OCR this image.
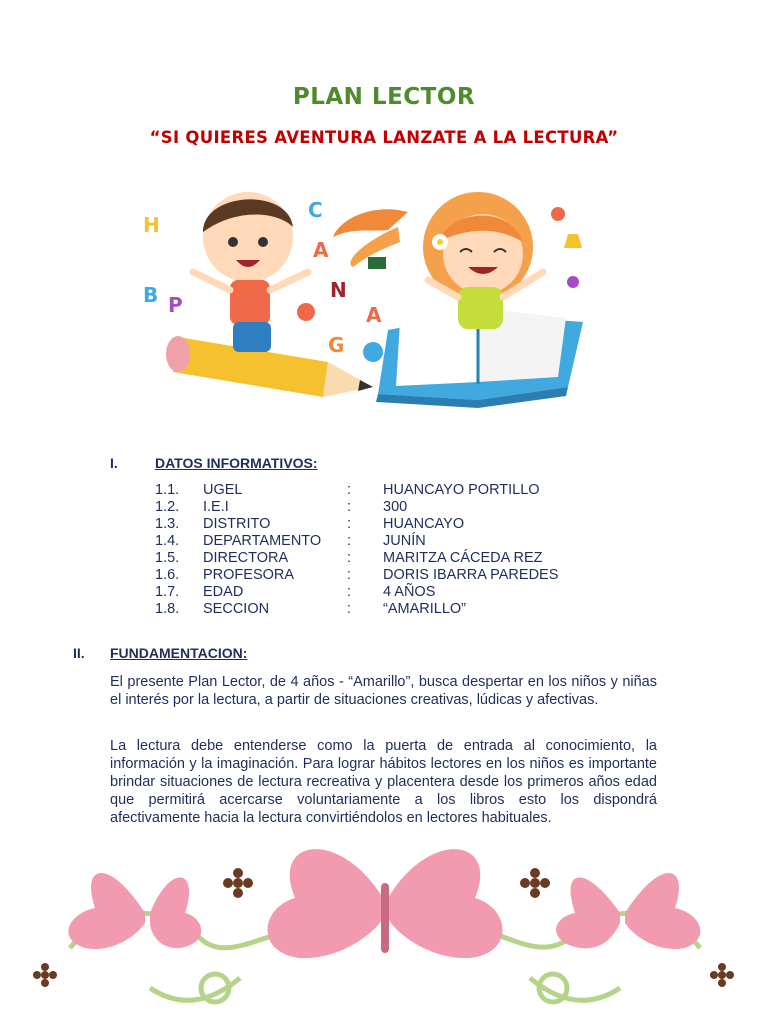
PLAN LECTOR
“SI QUIERES AVENTURA LANZATE A LA LECTURA”
H
B P
C
A
N
G
A
I.	DATOS INFORMATIVOS:
1.1. UGEL	: HUANCAYO PORTILLO
1.2. I.E.I	: 300
1.3. DISTRITO	: HUANCAYO
1.4. DEPARTAMENTO : JUNÍN
1.5. DIRECTORA	: MARITZA CÁCEDA REZ
1.6. PROFESORA	: DORIS IBARRA PAREDES
1.7. EDAD	: 4 AÑOS
1.8. SECCION	: “AMARILLO”
II. FUNDAMENTACION:

El presente Plan Lector, de 4 años - “Amarillo”, busca despertar en los niños y niñas el interés por la lectura, a partir de situaciones creativas, lúdicas y afectivas.

La lectura debe entenderse como la puerta de entrada al conocimiento, la información y la imaginación. Para lograr hábitos lectores en los niños es importante brindar situaciones de lectura recreativa y placentera desde los primeros años edad que permitirá acercarse voluntariamente a los libros esto los dispondrá afectivamente hacia la lectura convirtiéndolos en lectores habituales.
